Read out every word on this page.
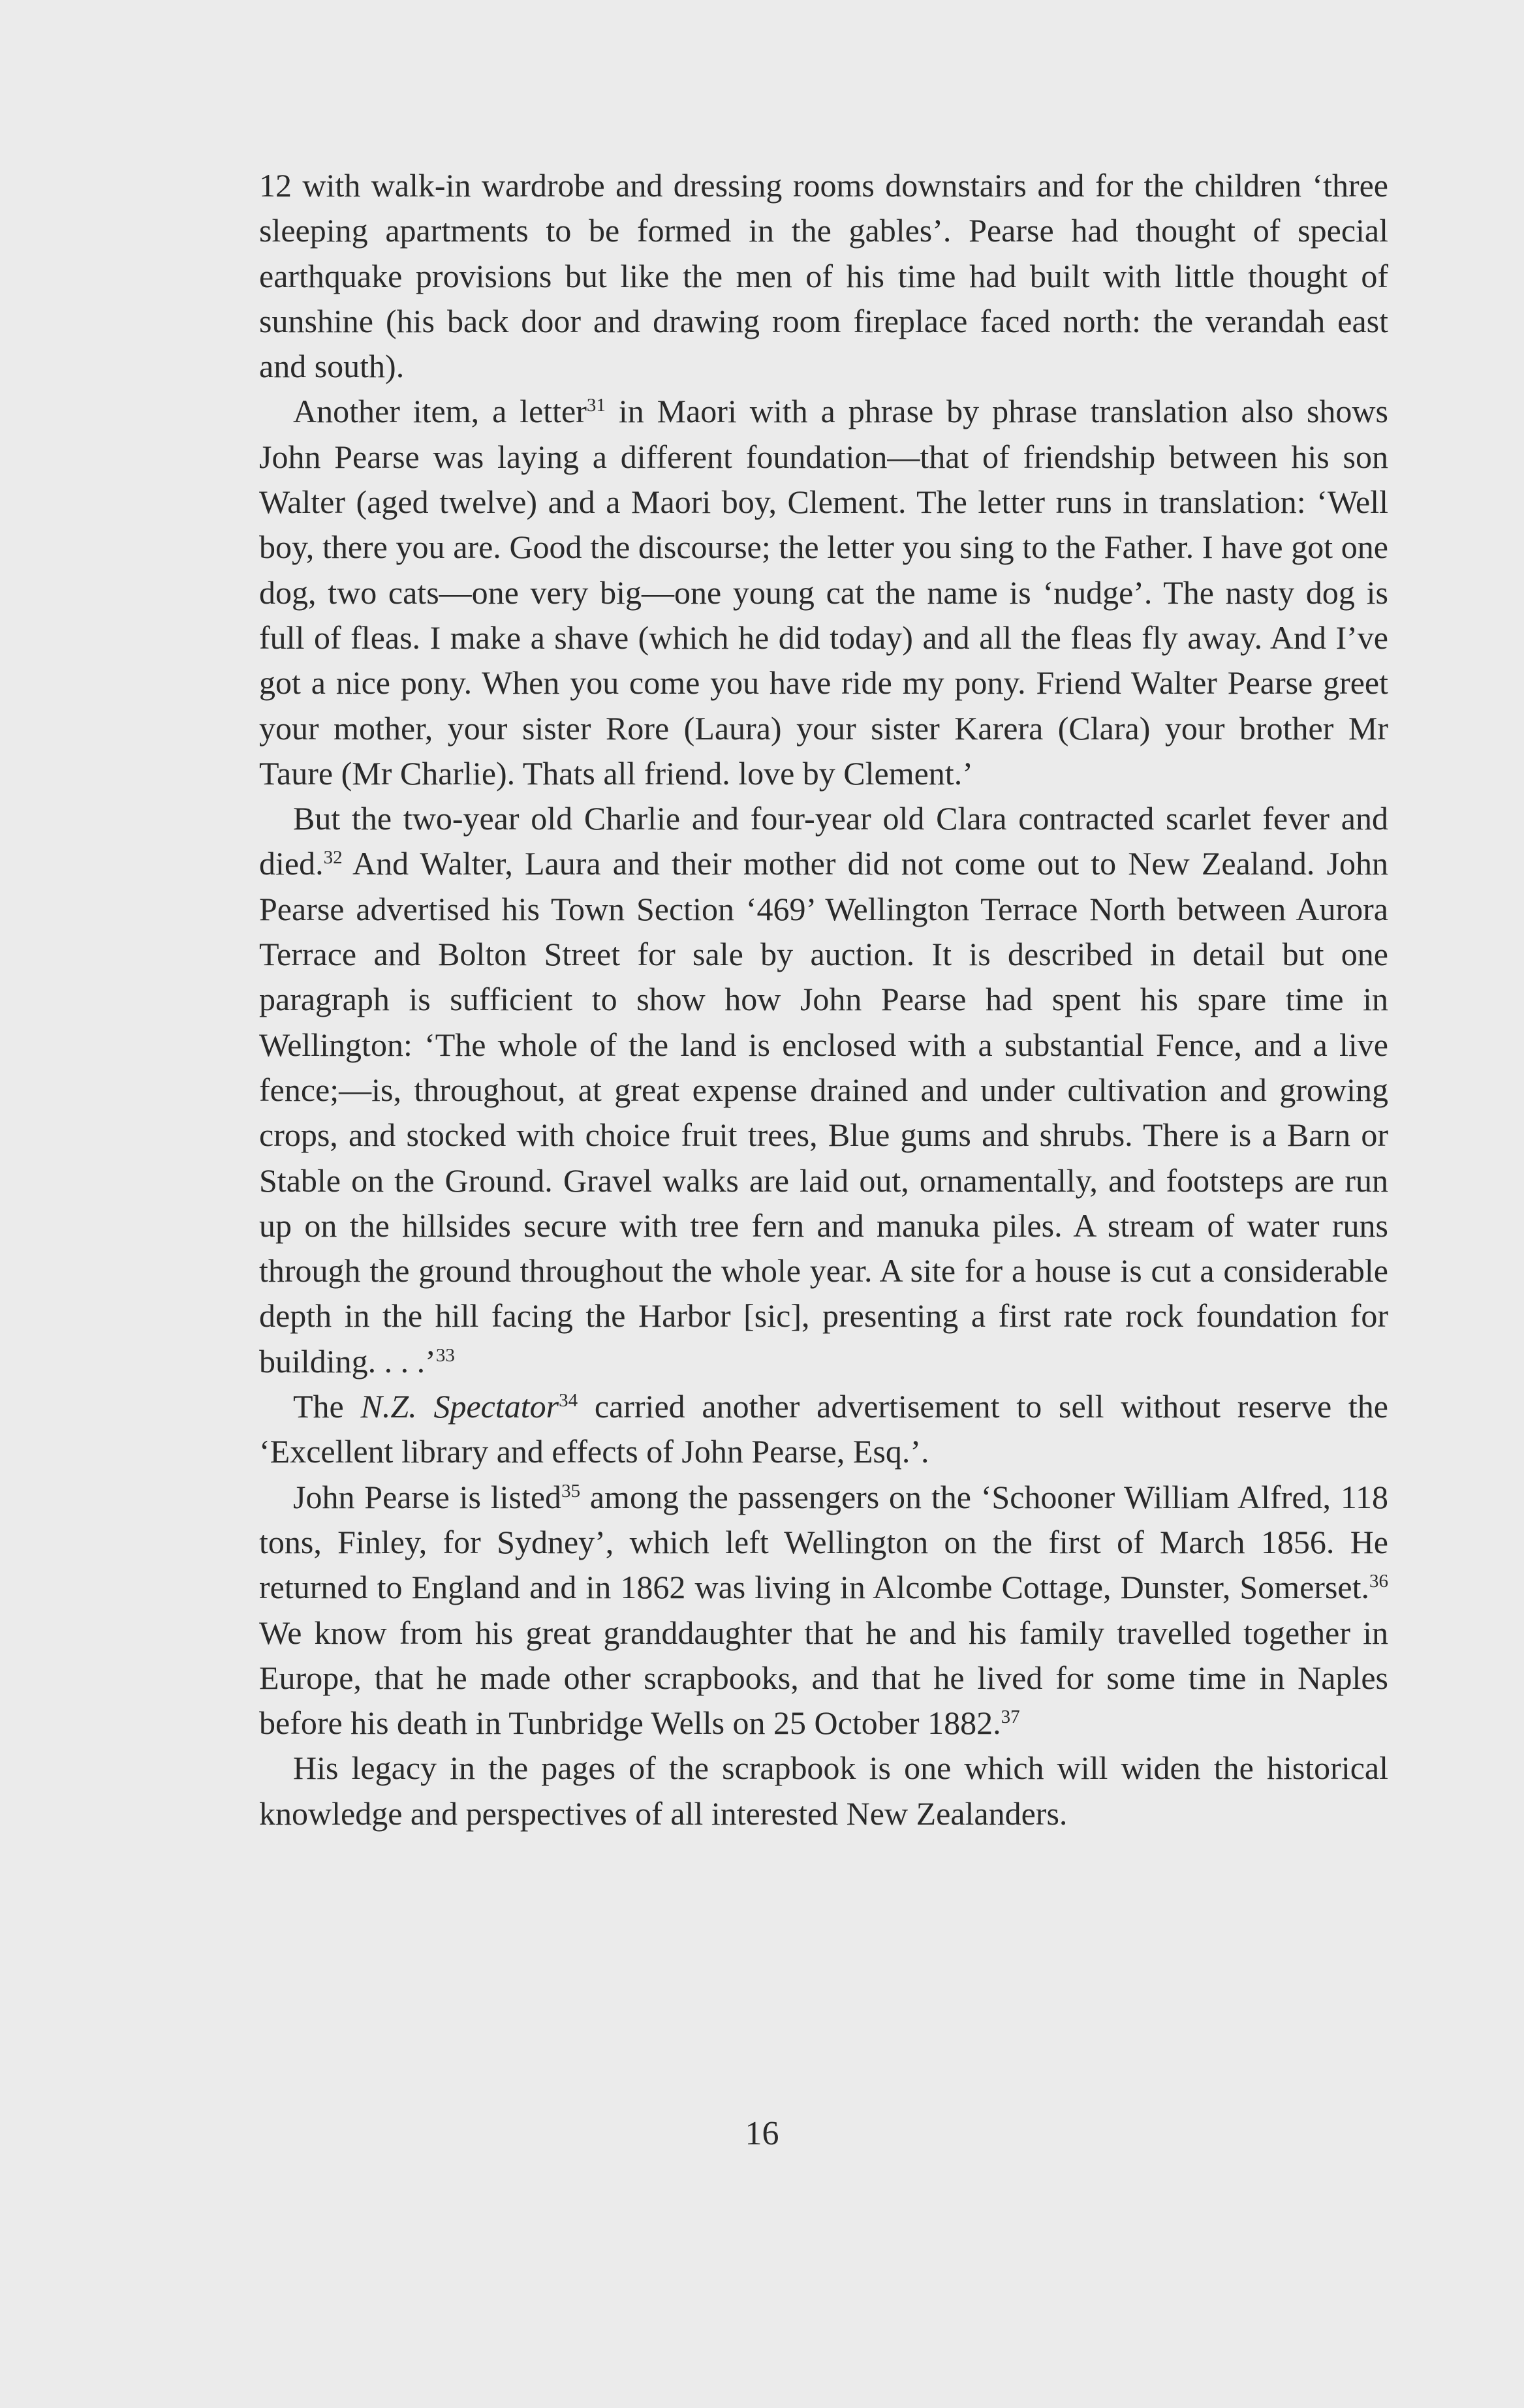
12 with walk-in wardrobe and dressing rooms downstairs and for the children ‘three sleeping apartments to be formed in the gables’. Pearse had thought of special earthquake provisions but like the men of his time had built with little thought of sunshine (his back door and drawing room fireplace faced north: the verandah east and south).

Another item, a letter$^{31}$ in Maori with a phrase by phrase translation also shows John Pearse was laying a different foundation—that of friendship between his son Walter (aged twelve) and a Maori boy, Clement. The letter runs in translation: ‘Well boy, there you are. Good the discourse; the letter you sing to the Father. I have got one dog, two cats—one very big—one young cat the name is ‘nudge’. The nasty dog is full of fleas. I make a shave (which he did today) and all the fleas fly away. And I’ve got a nice pony. When you come you have ride my pony. Friend Walter Pearse greet your mother, your sister Rore (Laura) your sister Karera (Clara) your brother Mr Taure (Mr Charlie). Thats all friend. love by Clement.’

But the two-year old Charlie and four-year old Clara contracted scarlet fever and died.$^{32}$ And Walter, Laura and their mother did not come out to New Zealand. John Pearse advertised his Town Section ‘469’ Wellington Terrace North between Aurora Terrace and Bolton Street for sale by auction. It is described in detail but one paragraph is sufficient to show how John Pearse had spent his spare time in Wellington: ‘The whole of the land is enclosed with a substantial Fence, and a live fence;—is, throughout, at great expense drained and under cultivation and growing crops, and stocked with choice fruit trees, Blue gums and shrubs. There is a Barn or Stable on the Ground. Gravel walks are laid out, ornamentally, and footsteps are run up on the hillsides secure with tree fern and manuka piles. A stream of water runs through the ground throughout the whole year. A site for a house is cut a considerable depth in the hill facing the Harbor [sic], presenting a first rate rock foundation for building. . . .’$^{33}$

The N.Z. Spectator$^{34}$ carried another advertisement to sell without reserve the ‘Excellent library and effects of John Pearse, Esq.’.

John Pearse is listed$^{35}$ among the passengers on the ‘Schooner William Alfred, 118 tons, Finley, for Sydney’, which left Wellington on the first of March 1856. He returned to England and in 1862 was living in Alcombe Cottage, Dunster, Somerset.$^{36}$ We know from his great granddaughter that he and his family travelled together in Europe, that he made other scrapbooks, and that he lived for some time in Naples before his death in Tunbridge Wells on 25 October 1882.37

His legacy in the pages of the scrapbook is one which will widen the historical knowledge and perspectives of all interested New Zealanders.

16
